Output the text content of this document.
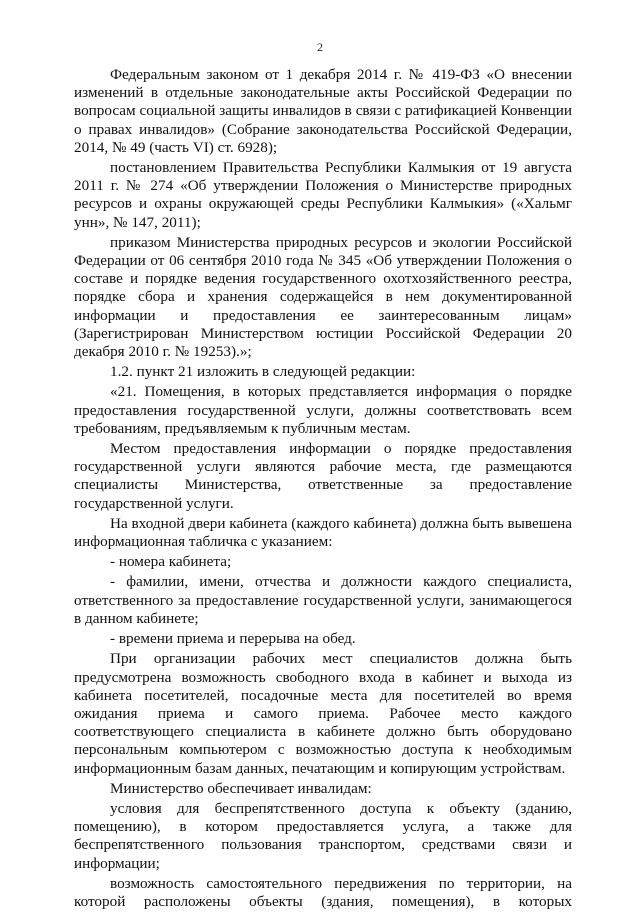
2

Федеральным законом от 1 декабря 2014 г. № 419-ФЗ «О внесении изменений в отдельные законодательные акты Российской Федерации по вопросам социальной защиты инвалидов в связи с ратификацией Конвенции о правах инвалидов» (Собрание законодательства Российской Федерации, 2014, № 49 (часть VI) ст. 6928);

постановлением Правительства Республики Калмыкия от 19 августа 2011 г. № 274 «Об утверждении Положения о Министерстве природных ресурсов и охраны окружающей среды Республики Калмыкия» («Хальмг унн», № 147, 2011);

приказом Министерства природных ресурсов и экологии Российской Федерации от 06 сентября 2010 года № 345 «Об утверждении Положения о составе и порядке ведения государственного охотхозяйственного реестра, порядке сбора и хранения содержащейся в нем документированной информации и предоставления ее заинтересованным лицам» (Зарегистрирован Министерством юстиции Российской Федерации 20 декабря 2010 г. № 19253).»;

1.2. пункт 21 изложить в следующей редакции:

«21. Помещения, в которых представляется информация о порядке предоставления государственной услуги, должны соответствовать всем требованиям, предъявляемым к публичным местам.

Местом предоставления информации о порядке предоставления государственной услуги являются рабочие места, где размещаются специалисты Министерства, ответственные за предоставление государственной услуги.

На входной двери кабинета (каждого кабинета) должна быть вывешена информационная табличка с указанием:

- номера кабинета;

- фамилии, имени, отчества и должности каждого специалиста, ответственного за предоставление государственной услуги, занимающегося в данном кабинете;

- времени приема и перерыва на обед.

При организации рабочих мест специалистов должна быть предусмотрена возможность свободного входа в кабинет и выхода из кабинета посетителей, посадочные места для посетителей во время ожидания приема и самого приема. Рабочее место каждого соответствующего специалиста в кабинете должно быть оборудовано персональным компьютером с возможностью доступа к необходимым информационным базам данных, печатающим и копирующим устройствам.

Министерство обеспечивает инвалидам:

условия для беспрепятственного доступа к объекту (зданию, помещению), в котором предоставляется услуга, а также для беспрепятственного пользования транспортом, средствами связи и информации;

возможность самостоятельного передвижения по территории, на которой расположены объекты (здания, помещения), в которых
